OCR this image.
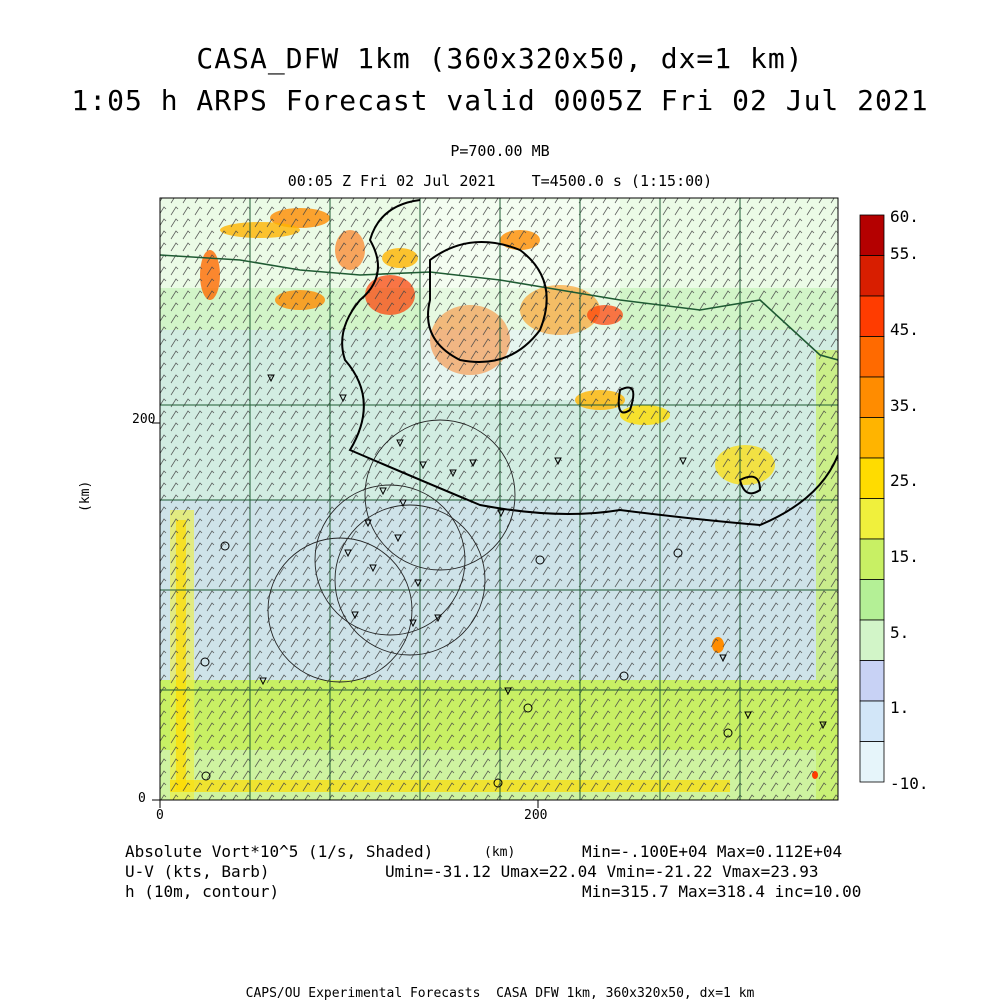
CASA_DFW 1km (360x320x50, dx=1 km)
1:05 h ARPS Forecast valid 0005Z Fri 02 Jul 2021
P=700.00 MB
00:05 Z Fri 02 Jul 2021    T=4500.0 s (1:15:00)
200
0
0	200
(km)
(km)
60.
55.
45.
35.
25.
15.
5.
1.
-10.
Absolute Vort*10^5 (1/s, Shaded)	Min=-.100E+04 Max=0.112E+04
U-V (kts, Barb)	Umin=-31.12 Umax=22.04 Vmin=-21.22 Vmax=23.93
h (10m, contour)	Min=315.7 Max=318.4 inc=10.00
CAPS/OU Experimental Forecasts  CASA DFW 1km, 360x320x50, dx=1 km
